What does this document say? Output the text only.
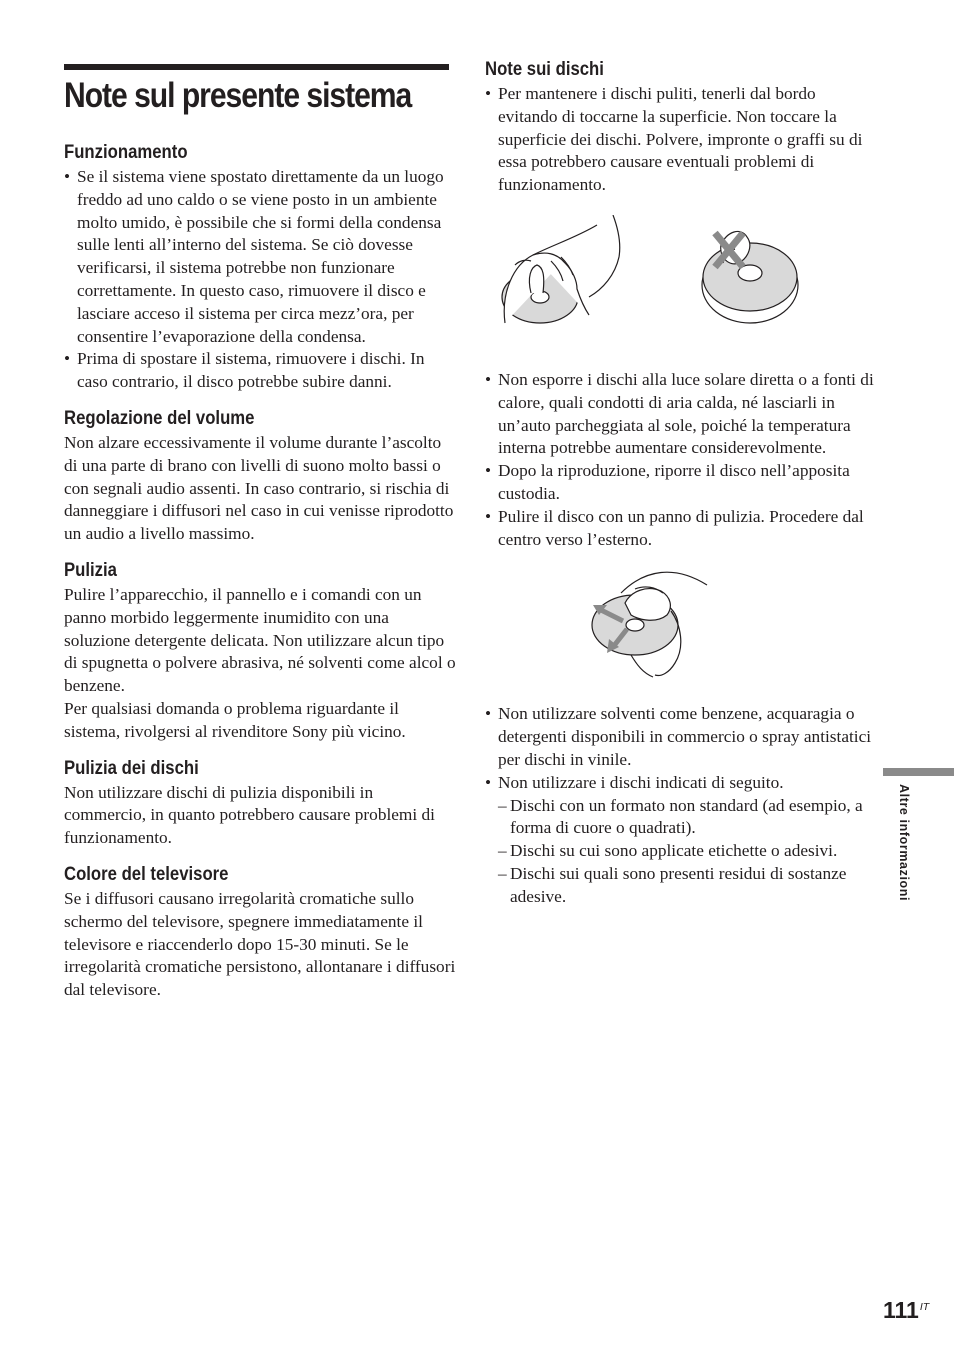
Note sul presente sistema
Funzionamento
• Se il sistema viene spostato direttamente da un luogo freddo ad uno caldo o se viene posto in un ambiente molto umido, è possibile che si formi della condensa sulle lenti all’interno del sistema. Se ciò dovesse verificarsi, il sistema potrebbe non funzionare correttamente. In questo caso, rimuovere il disco e lasciare acceso il sistema per circa mezz’ora, per consentire l’evaporazione della condensa.
• Prima di spostare il sistema, rimuovere i dischi. In caso contrario, il disco potrebbe subire danni.
Regolazione del volume

Non alzare eccessivamente il volume durante l’ascolto di una parte di brano con livelli di suono molto bassi o con segnali audio assenti. In caso contrario, si rischia di danneggiare i diffusori nel caso in cui venisse riprodotto un audio a livello massimo.

Pulizia

Pulire l’apparecchio, il pannello e i comandi con un panno morbido leggermente inumidito con una soluzione detergente delicata. Non utilizzare alcun tipo di spugnetta o polvere abrasiva, né solventi come alcol o benzene.

Per qualsiasi domanda o problema riguardante il sistema, rivolgersi al rivenditore Sony più vicino.

Pulizia dei dischi

Non utilizzare dischi di pulizia disponibili in commercio, in quanto potrebbero causare problemi di funzionamento.

Colore del televisore

Se i diffusori causano irregolarità cromatiche sullo schermo del televisore, spegnere immediatamente il televisore e riaccenderlo dopo 15-30 minuti. Se le irregolarità cromatiche persistono, allontanare i diffusori dal televisore.

Note sui dischi
• Per mantenere i dischi puliti, tenerli dal bordo evitando di toccarne la superficie. Non toccare la superficie dei dischi. Polvere, impronte o graffi su di essa potrebbero causare eventuali problemi di funzionamento.
• Non esporre i dischi alla luce solare diretta o a fonti di calore, quali condotti di aria calda, né lasciarli in un’auto parcheggiata al sole, poiché la temperatura interna potrebbe aumentare considerevolmente.
• Dopo la riproduzione, riporre il disco nell’apposita custodia.
• Pulire il disco con un panno di pulizia. Procedere dal centro verso l’esterno.
• Non utilizzare solventi come benzene, acquaragia o detergenti disponibili in commercio o spray antistatici per dischi in vinile.
• Non utilizzare i dischi indicati di seguito.
– Dischi con un formato non standard (ad esempio, a forma di cuore o quadrati).
– Dischi su cui sono applicate etichette o adesivi.
– Dischi sui quali sono presenti residui di sostanze adesive.	Altre informazioni
$111^{IT}$
